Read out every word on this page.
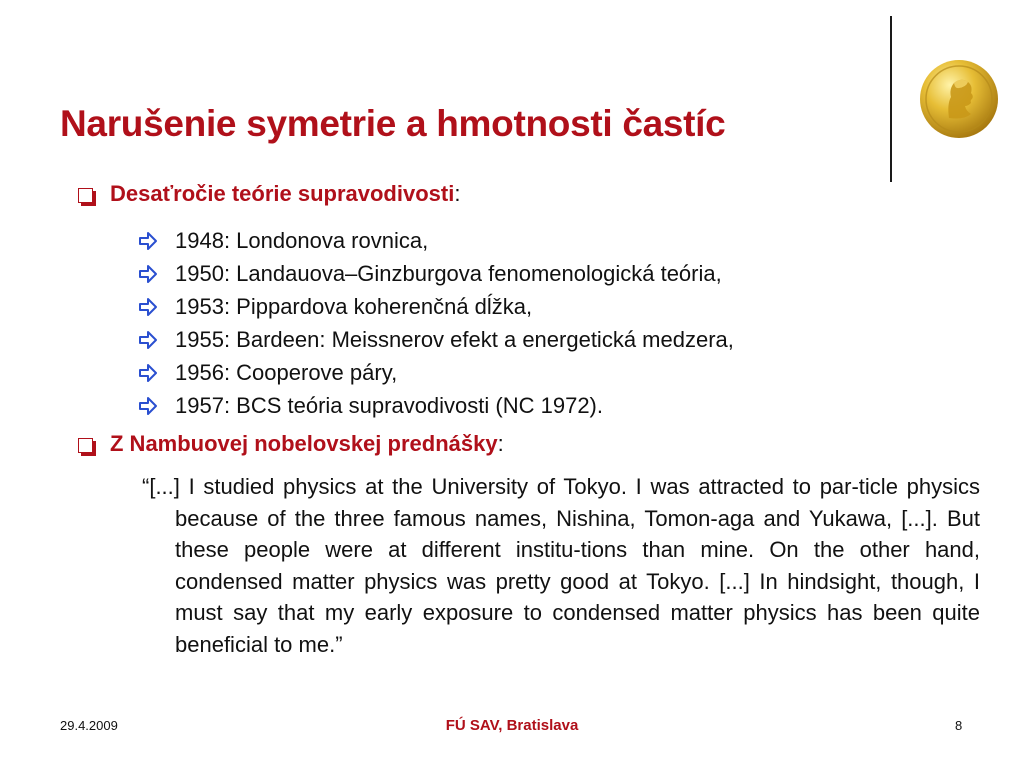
Narušenie symetrie a hmotnosti častíc
Desaťročie teórie supravodivosti :
1948: Londonova rovnica,
1950: Landauova–Ginzburgova fenomenologická teória,
1953: Pippardova koherenčná dĺžka,
1955: Bardeen: Meissnerov efekt a energetická medzera,
1956: Cooperove páry,
1957: BCS teória supravodivosti (NC 1972).
Z Nambuovej nobelovskej prednášky :

“[...] I studied physics at the University of Tokyo. I was attracted to par-ticle physics because of the three famous names, Nishina, Tomon-aga and Yukawa, [...]. But these people were at different institu-tions than mine. On the other hand, condensed matter physics was pretty good at Tokyo. [...] In hindsight, though, I must say that my early exposure to condensed matter physics has been quite beneficial to me.”

29.4.2009	FÚ SAV, Bratislava	8
